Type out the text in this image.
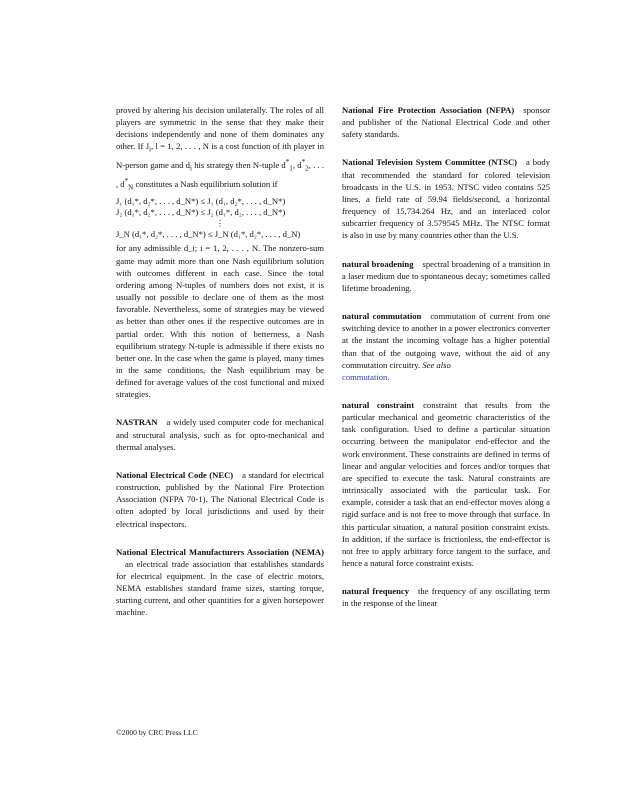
proved by altering his decision unilaterally. The roles of all players are symmetric in the sense that they make their decisions independently and none of them dominates any other. If $J_i$, l = 1, 2, . . . , N is a cost function of ith player in N-person game and $d_i$ his strategy then N-tuple $d^*_1$, $d^*_2$, . . . , $d^*_N$ constitutes a Nash equilibrium solution if

J₁ (d₁*, d₂*, . . . , d_N*) ≤ J₁ (d₁, d₂*, . . . , d_N*)
J₂ (d₁*, d₂*, . . . , d_N*) ≤ J₂ (d₁*, d₂, . . . , d_N*)
⋮
J_N (d₁*, d₂*, . . . , d_N*) ≤ J_N (d₁*, d₂*, . . . , d_N)

for any admissible d_i; i = 1, 2, . . . , N. The nonzero-sum game may admit more than one Nash equilibrium solution with outcomes different in each case. Since the total ordering among N-tuples of numbers does not exist, it is usually not possible to declare one of them as the most favorable. Nevertheless, some of strategies may be viewed as better than other ones if the respective outcomes are in partial order. With this notion of betterness, a Nash equilibrium strategy N-tuple is admissible if there exists no better one. In the case when the game is played, many times in the same conditions, the Nash equilibrium may be defined for average values of the cost functional and mixed strategies.

NASTRAN a widely used computer code for mechanical and structural analysis, such as for opto-mechanical and thermal analyses.

National Electrical Code (NEC) a standard for electrical construction, published by the National Fire Protection Association (NFPA 70-1). The National Electrical Code is often adopted by local jurisdictions and used by their electrical inspectors.

National Electrical Manufacturers Association (NEMA)an electrical trade association that establishes standards for electrical equipment. In the case of electric motors, NEMA establishes standard frame sizes, starting torque, starting current, and other quantities for a given horsepower machine.

National Fire Protection Association (NFPA) sponsor and publisher of the National Electrical Code and other safety standards.

National Television System Committee (NTSC) a body that recommended the standard for colored television broadcasts in the U.S. in 1953. NTSC video contains 525 lines, a field rate of 59.94 fields/second, a horizontal frequency of 15,734.264 Hz, and an interlaced color subcarrier frequency of 3.579545 MHz. The NTSC format is also in use by many countries other than the U.S.

natural broadening spectral broadening of a transition in a laser medium due to spontaneous decay; sometimes called lifetime broadening.

natural commutation commutation of current from one switching device to another in a power electronics converter at the instant the incoming voltage has a higher potential than that of the outgoing wave, without the aid of any commutation circuitry. See also
commutation.

natural constraint constraint that results from the particular mechanical and geometric characteristics of the task configuration. Used to define a particular situation occurring between the manipulator end-effector and the work environment. These constraints are defined in terms of linear and angular velocities and forces and/or torques that are specified to execute the task. Natural constraints are intrinsically associated with the particular task. For example, consider a task that an end-effector moves along a rigid surface and is not free to move through that surface. In this particular situation, a natural position constraint exists. In addition, if the surface is frictionless, the end-effector is not free to apply arbitrary force tangent to the surface, and hence a natural force constraint exists.

natural frequency the frequency of any oscillating term in the response of the linear

©2000 by CRC Press LLC
